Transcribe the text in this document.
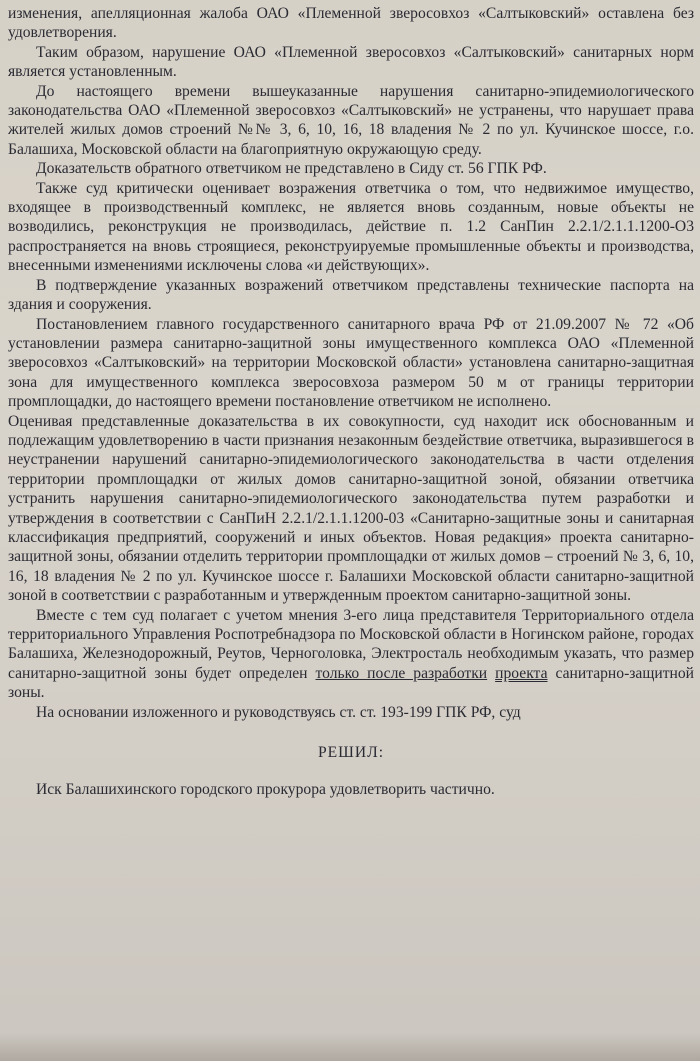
изменения, апелляционная жалоба ОАО «Племенной зверосовхоз «Салтыковский» оставлена без удовлетворения.

Таким образом, нарушение ОАО «Племенной зверосовхоз «Салтыковский» санитарных норм является установленным.

До настоящего времени вышеуказанные нарушения санитарно-эпидемиологического законодательства ОАО «Племенной зверосовхоз «Салтыковский» не устранены, что нарушает права жителей жилых домов строений №№ 3, 6, 10, 16, 18 владения № 2 по ул. Кучинское шоссе, г.о. Балашиха, Московской области на благоприятную окружающую среду.

Доказательств обратного ответчиком не представлено в Сиду ст. 56 ГПК РФ.

Также суд критически оценивает возражения ответчика о том, что недвижимое имущество, входящее в производственный комплекс, не является вновь созданным, новые объекты не возводились, реконструкция не производилась, действие п. 1.2 СанПин 2.2.1/2.1.1.1200-О3 распространяется на вновь строящиеся, реконструируемые промышленные объекты и производства, внесенными изменениями исключены слова «и действующих».

В подтверждение указанных возражений ответчиком представлены технические паспорта на здания и сооружения.

Постановлением главного государственного санитарного врача РФ от 21.09.2007 № 72 «Об установлении размера санитарно-защитной зоны имущественного комплекса ОАО «Племенной зверосовхоз «Салтыковский» на территории Московской области» установлена санитарно-защитная зона для имущественного комплекса зверосовхоза размером 50 м от границы территории промплощадки, до настоящего времени постановление ответчиком не исполнено.

Оценивая представленные доказательства в их совокупности, суд находит иск обоснованным и подлежащим удовлетворению в части признания незаконным бездействие ответчика, выразившегося в неустранении нарушений санитарно-эпидемиологического законодательства в части отделения территории промплощадки от жилых домов санитарно-защитной зоной, обязании ответчика устранить нарушения санитарно-эпидемиологического законодательства путем разработки и утверждения в соответствии с СанПиН 2.2.1/2.1.1.1200-03 «Санитарно-защитные зоны и санитарная классификация предприятий, сооружений и иных объектов. Новая редакция» проекта санитарно-защитной зоны, обязании отделить территории промплощадки от жилых домов – строений № 3, 6, 10, 16, 18 владения № 2 по ул. Кучинское шоссе г. Балашихи Московской области санитарно-защитной зоной в соответствии с разработанным и утвержденным проектом санитарно-защитной зоны.

Вместе с тем суд полагает с учетом мнения 3-его лица представителя Территориального отдела территориального Управления Роспотребнадзора по Московской области в Ногинском районе, городах Балашиха, Железнодорожный, Реутов, Черноголовка, Электросталь необходимым указать, что размер санитарно-защитной зоны будет определен только после разработки проекта санитарно-защитной зоны.

На основании изложенного и руководствуясь ст. ст. 193-199 ГПК РФ, суд

РЕШИЛ:

Иск Балашихинского городского прокурора удовлетворить частично.
